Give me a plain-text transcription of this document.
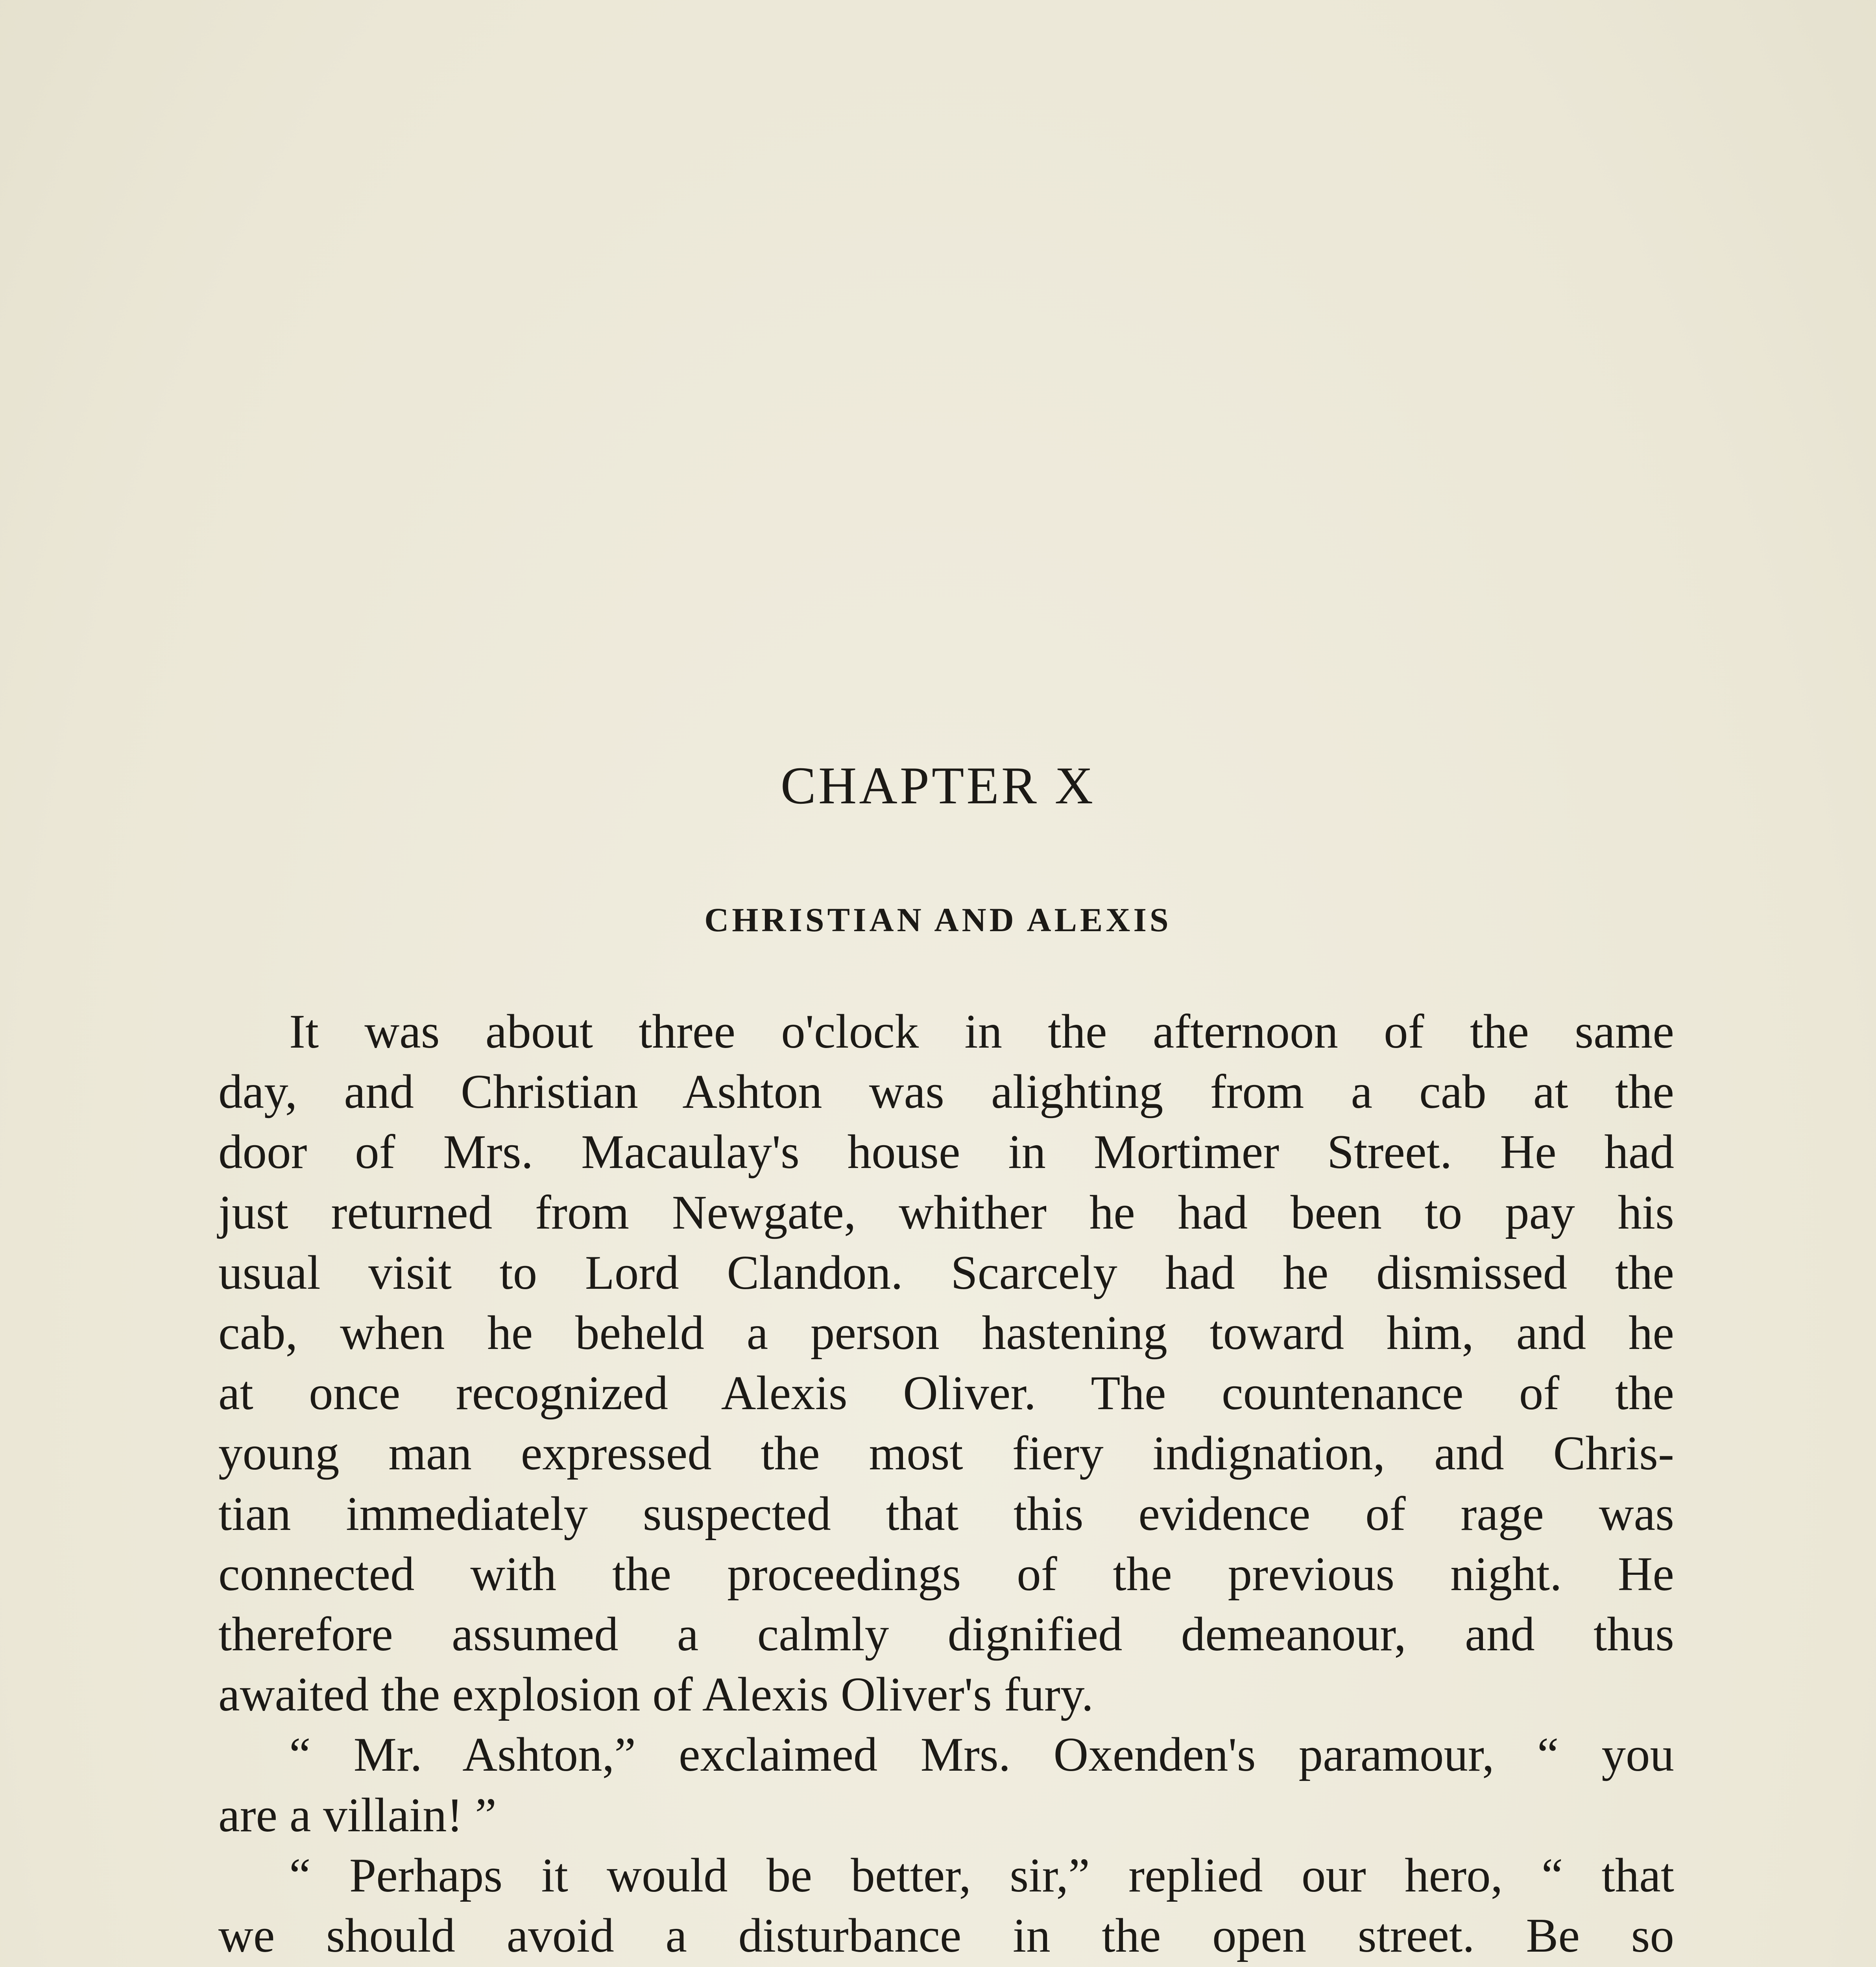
CHAPTER X
CHRISTIAN AND ALEXIS

It was about three o'clock in the afternoon of the same
day, and Christian Ashton was alighting from a cab at the
door of Mrs. Macaulay's house in Mortimer Street. He had
just returned from Newgate, whither he had been to pay his
usual visit to Lord Clandon. Scarcely had he dismissed the
cab, when he beheld a person hastening toward him, and he
at once recognized Alexis Oliver. The countenance of the
young man expressed the most fiery indignation, and Chris-
tian immediately suspected that this evidence of rage was
connected with the proceedings of the previous night. He
therefore assumed a calmly dignified demeanour, and thus
awaited the explosion of Alexis Oliver's fury.

“ Mr. Ashton,” exclaimed Mrs. Oxenden's paramour, “ you
are a villain! ”

“ Perhaps it would be better, sir,” replied our hero, “ that
we should avoid a disturbance in the open street. Be so
